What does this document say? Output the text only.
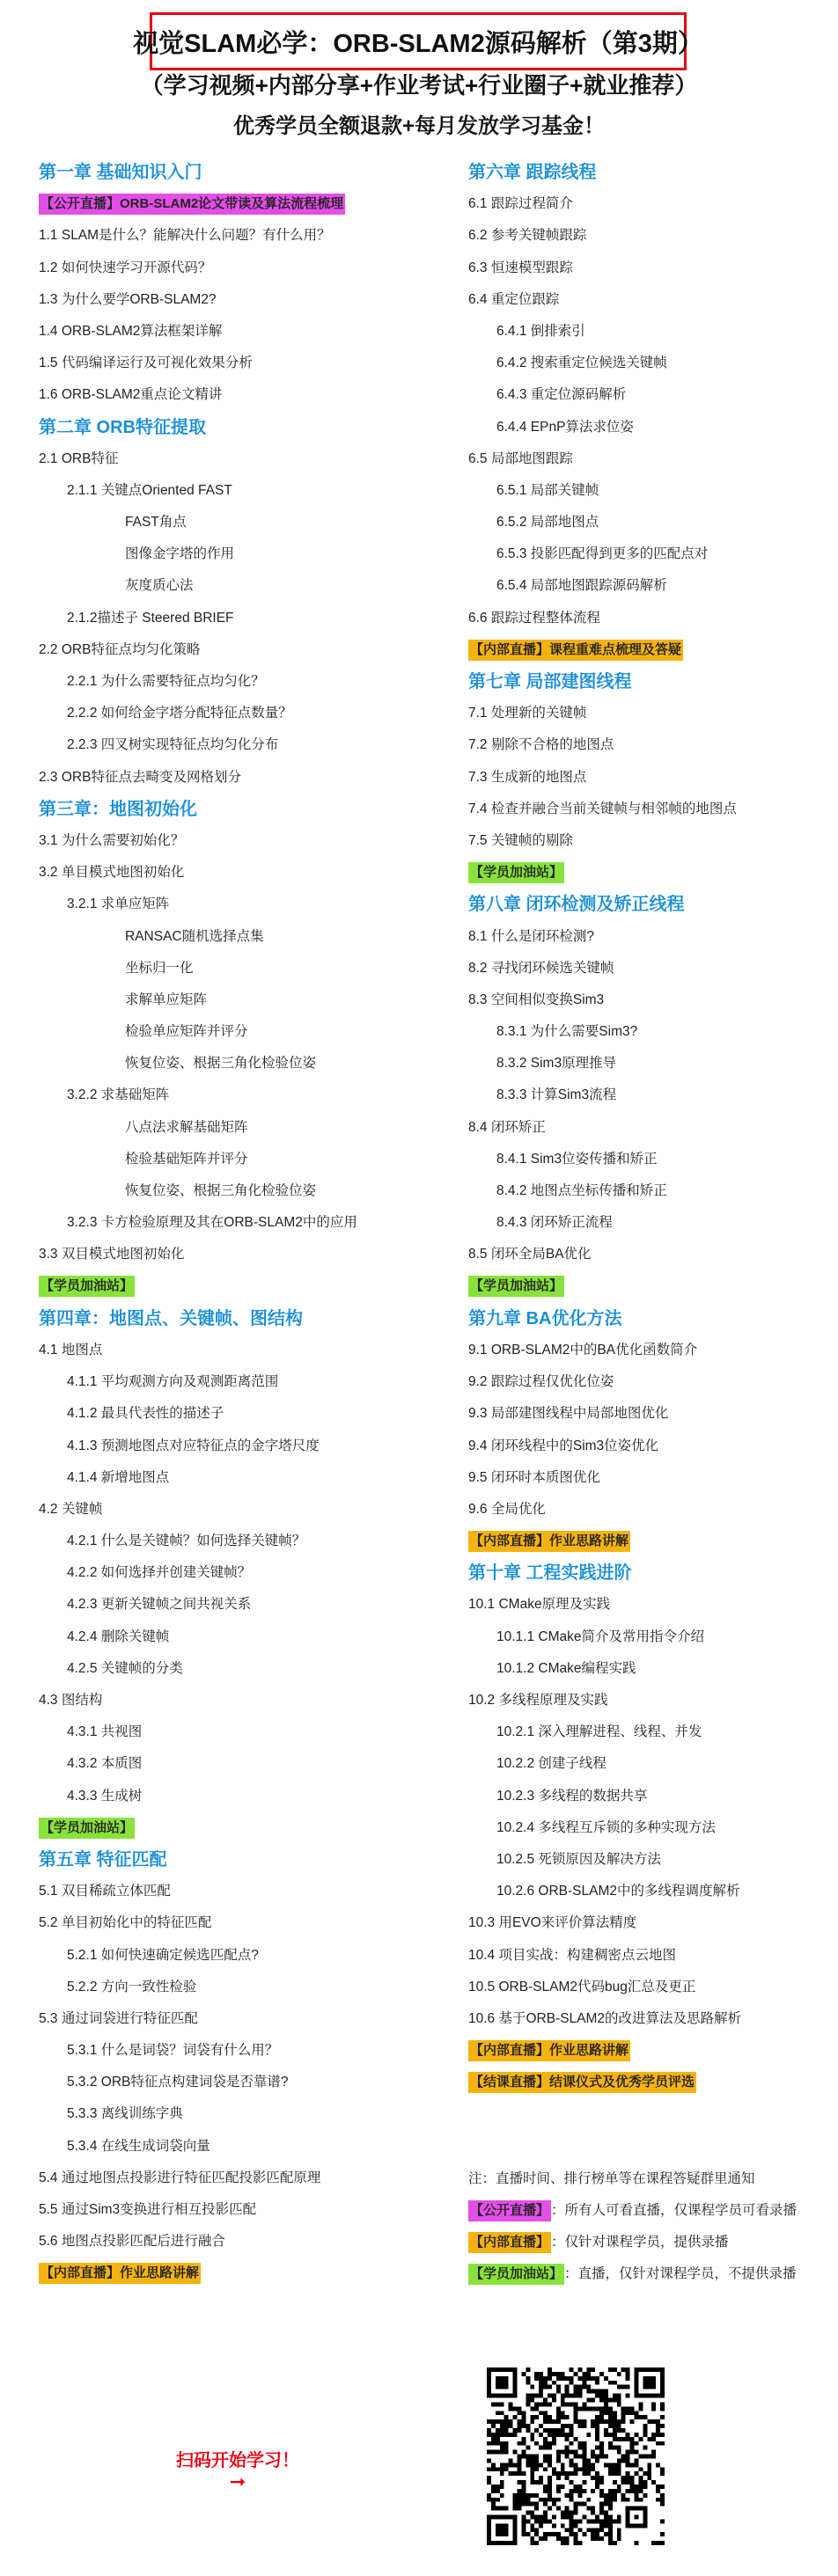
视觉SLAM必学：ORB-SLAM2源码解析（第3期）
（学习视频+内部分享+作业考试+行业圈子+就业推荐）
优秀学员全额退款+每月发放学习基金！
第一章 基础知识入门
【公开直播】ORB-SLAM2论文带读及算法流程梳理
1.1 SLAM是什么？能解决什么问题？有什么用？
1.2 如何快速学习开源代码？
1.3 为什么要学ORB-SLAM2?
1.4 ORB-SLAM2算法框架详解
1.5 代码编译运行及可视化效果分析
1.6 ORB-SLAM2重点论文精讲
第二章 ORB特征提取
2.1 ORB特征
2.1.1 关键点Oriented FAST
FAST角点
图像金字塔的作用
灰度质心法
2.1.2描述子 Steered BRIEF
2.2 ORB特征点均匀化策略
2.2.1 为什么需要特征点均匀化？
2.2.2 如何给金字塔分配特征点数量？
2.2.3 四叉树实现特征点均匀化分布
2.3 ORB特征点去畸变及网格划分
第三章：地图初始化
3.1 为什么需要初始化？
3.2 单目模式地图初始化
3.2.1 求单应矩阵
RANSAC随机选择点集
坐标归一化
求解单应矩阵
检验单应矩阵并评分
恢复位姿、根据三角化检验位姿
3.2.2 求基础矩阵
八点法求解基础矩阵
检验基础矩阵并评分
恢复位姿、根据三角化检验位姿
3.2.3 卡方检验原理及其在ORB-SLAM2中的应用
3.3 双目模式地图初始化
【学员加油站】
第四章：地图点、关键帧、图结构
4.1 地图点
4.1.1 平均观测方向及观测距离范围
4.1.2 最具代表性的描述子
4.1.3 预测地图点对应特征点的金字塔尺度
4.1.4 新增地图点
4.2 关键帧
4.2.1 什么是关键帧？如何选择关键帧？
4.2.2 如何选择并创建关键帧？
4.2.3 更新关键帧之间共视关系
4.2.4 删除关键帧
4.2.5 关键帧的分类
4.3 图结构
4.3.1 共视图
4.3.2 本质图
4.3.3 生成树
【学员加油站】
第五章 特征匹配
5.1 双目稀疏立体匹配
5.2 单目初始化中的特征匹配
5.2.1 如何快速确定候选匹配点?
5.2.2 方向一致性检验
5.3 通过词袋进行特征匹配
5.3.1 什么是词袋？词袋有什么用？
5.3.2 ORB特征点构建词袋是否靠谱?
5.3.3 离线训练字典
5.3.4 在线生成词袋向量
5.4 通过地图点投影进行特征匹配投影匹配原理
5.5 通过Sim3变换进行相互投影匹配
5.6 地图点投影匹配后进行融合
【内部直播】作业思路讲解
第六章 跟踪线程
6.1 跟踪过程简介
6.2 参考关键帧跟踪
6.3 恒速模型跟踪
6.4 重定位跟踪
6.4.1 倒排索引
6.4.2 搜索重定位候选关键帧
6.4.3 重定位源码解析
6.4.4 EPnP算法求位姿
6.5 局部地图跟踪
6.5.1 局部关键帧
6.5.2 局部地图点
6.5.3 投影匹配得到更多的匹配点对
6.5.4 局部地图跟踪源码解析
6.6 跟踪过程整体流程
【内部直播】课程重难点梳理及答疑
第七章 局部建图线程
7.1 处理新的关键帧
7.2 剔除不合格的地图点
7.3 生成新的地图点
7.4 检查并融合当前关键帧与相邻帧的地图点
7.5 关键帧的剔除
【学员加油站】
第八章 闭环检测及矫正线程
8.1 什么是闭环检测?
8.2 寻找闭环候选关键帧
8.3 空间相似变换Sim3
8.3.1 为什么需要Sim3?
8.3.2 Sim3原理推导
8.3.3 计算Sim3流程
8.4 闭环矫正
8.4.1 Sim3位姿传播和矫正
8.4.2 地图点坐标传播和矫正
8.4.3 闭环矫正流程
8.5 闭环全局BA优化
【学员加油站】
第九章 BA优化方法
9.1 ORB-SLAM2中的BA优化函数简介
9.2 跟踪过程仅优化位姿
9.3 局部建图线程中局部地图优化
9.4 闭环线程中的Sim3位姿优化
9.5 闭环时本质图优化
9.6 全局优化
【内部直播】作业思路讲解
第十章 工程实践进阶
10.1 CMake原理及实践
10.1.1 CMake简介及常用指令介绍
10.1.2 CMake编程实践
10.2 多线程原理及实践
10.2.1 深入理解进程、线程、并发
10.2.2 创建子线程
10.2.3 多线程的数据共享
10.2.4 多线程互斥锁的多种实现方法
10.2.5 死锁原因及解决方法
10.2.6 ORB-SLAM2中的多线程调度解析
10.3 用EVO来评价算法精度
10.4 项目实战：构建稠密点云地图
10.5 ORB-SLAM2代码bug汇总及更正
10.6 基于ORB-SLAM2的改进算法及思路解析
【内部直播】作业思路讲解
【结课直播】结课仪式及优秀学员评选
注：直播时间、排行榜单等在课程答疑群里通知
【公开直播】 ：所有人可看直播，仅课程学员可看录播
【内部直播】 ：仅针对课程学员，提供录播
【学员加油站】 ：直播，仅针对课程学员，不提供录播
扫码开始学习！
➞
